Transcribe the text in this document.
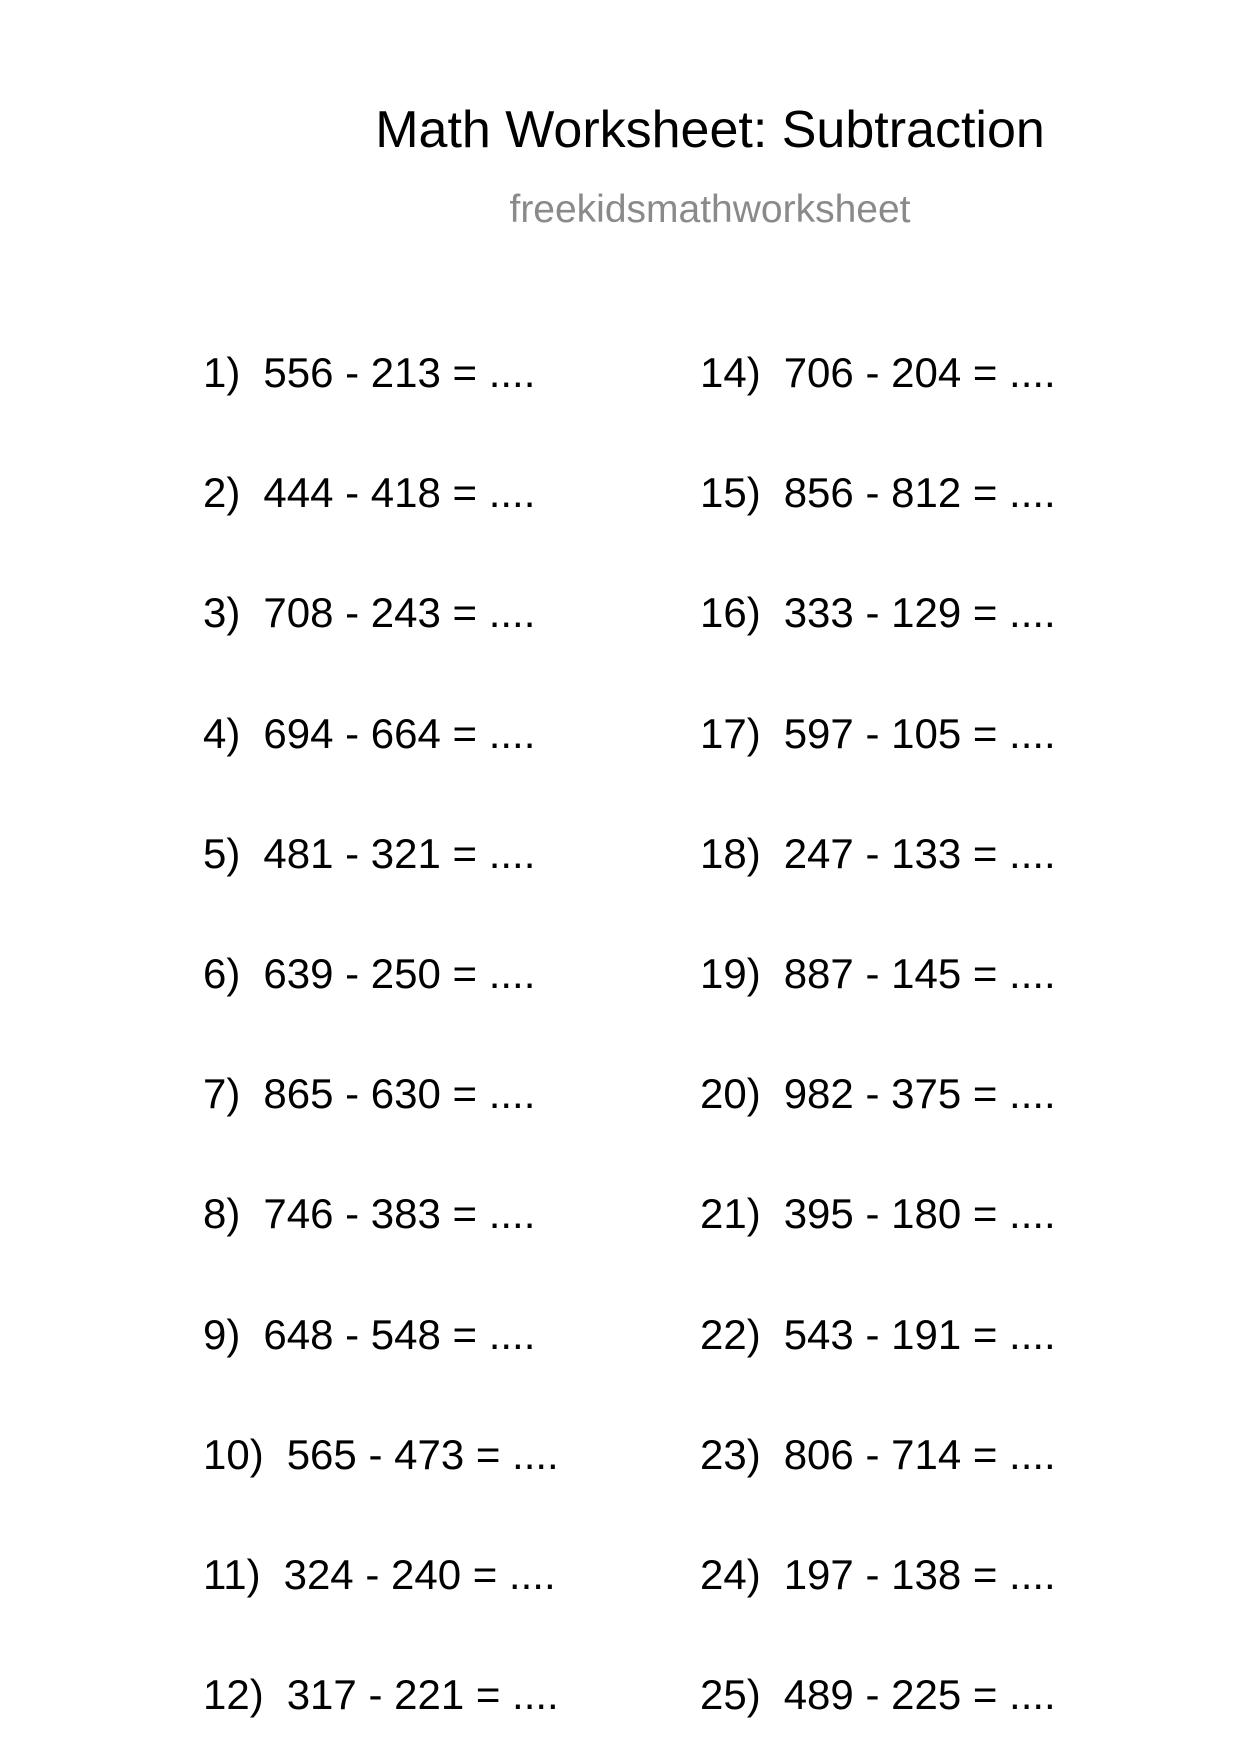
Math Worksheet: Subtraction
freekidsmathworksheet
1) 556 - 213 = ....
2) 444 - 418 = ....
3) 708 - 243 = ....
4) 694 - 664 = ....
5) 481 - 321 = ....
6) 639 - 250 = ....
7) 865 - 630 = ....
8) 746 - 383 = ....
9) 648 - 548 = ....
10) 565 - 473 = ....
11) 324 - 240 = ....
12) 317 - 221 = ....
14) 706 - 204 = ....
15) 856 - 812 = ....
16) 333 - 129 = ....
17) 597 - 105 = ....
18) 247 - 133 = ....
19) 887 - 145 = ....
20) 982 - 375 = ....
21) 395 - 180 = ....
22) 543 - 191 = ....
23) 806 - 714 = ....
24) 197 - 138 = ....
25) 489 - 225 = ....
